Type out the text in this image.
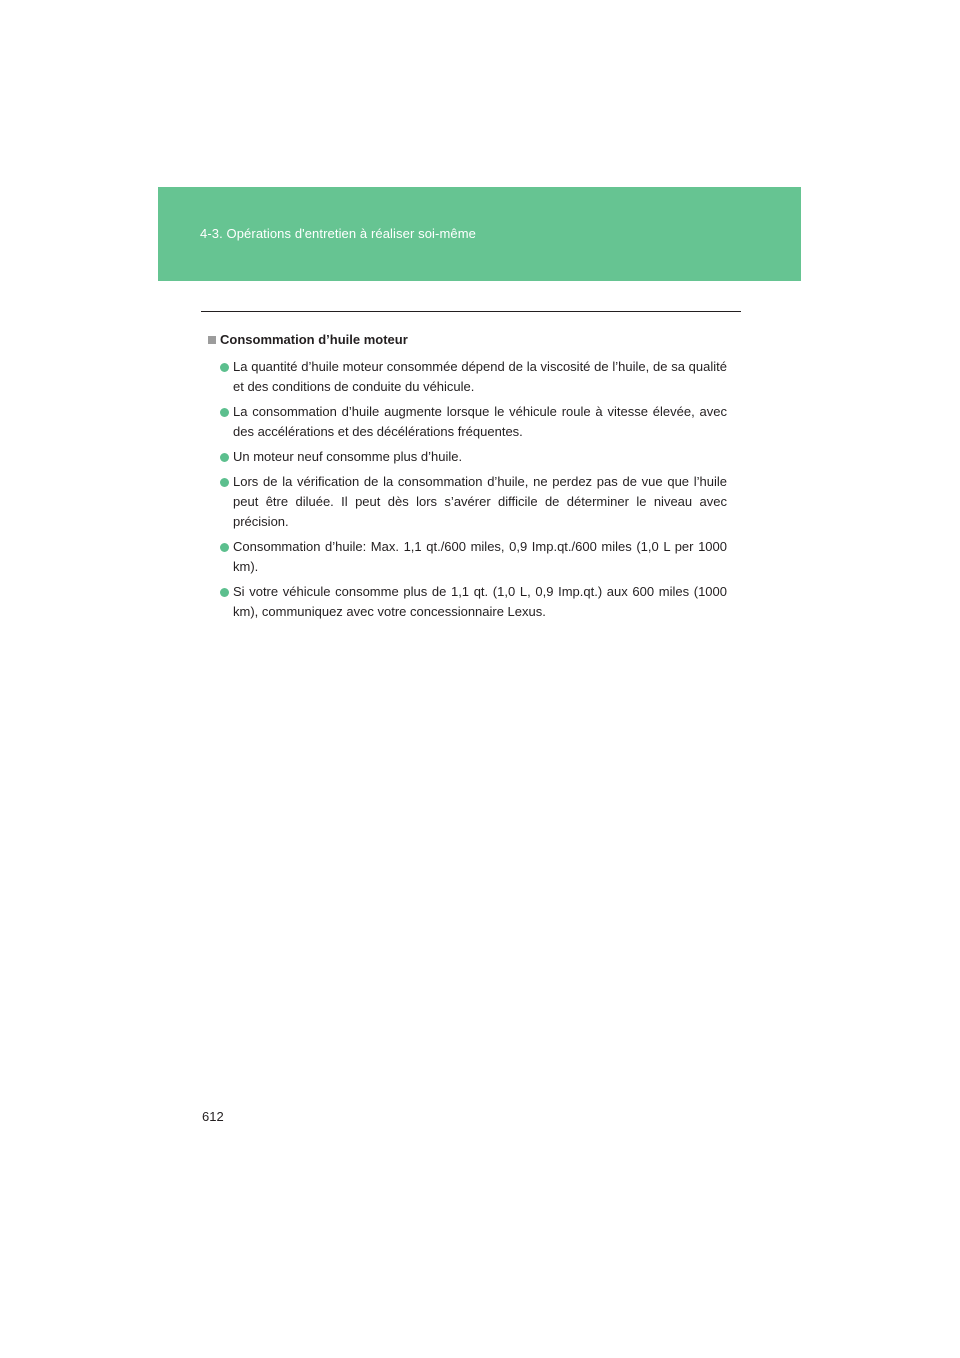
4-3. Opérations d'entretien à réaliser soi-même
Consommation d’huile moteur
La quantité d’huile moteur consommée dépend de la viscosité de l’huile, de sa qualité et des conditions de conduite du véhicule.
La consommation d’huile augmente lorsque le véhicule roule à vitesse élevée, avec des accélérations et des décélérations fréquentes.
Un moteur neuf consomme plus d’huile.
Lors de la vérification de la consommation d’huile, ne perdez pas de vue que l’huile peut être diluée. Il peut dès lors s’avérer difficile de déterminer le niveau avec précision.
Consommation d’huile: Max. 1,1 qt./600 miles, 0,9 Imp.qt./600 miles (1,0 L per 1000 km).
Si votre véhicule consomme plus de 1,1 qt. (1,0 L, 0,9 Imp.qt.) aux 600 miles (1000 km), communiquez avec votre concessionnaire Lexus.
612
